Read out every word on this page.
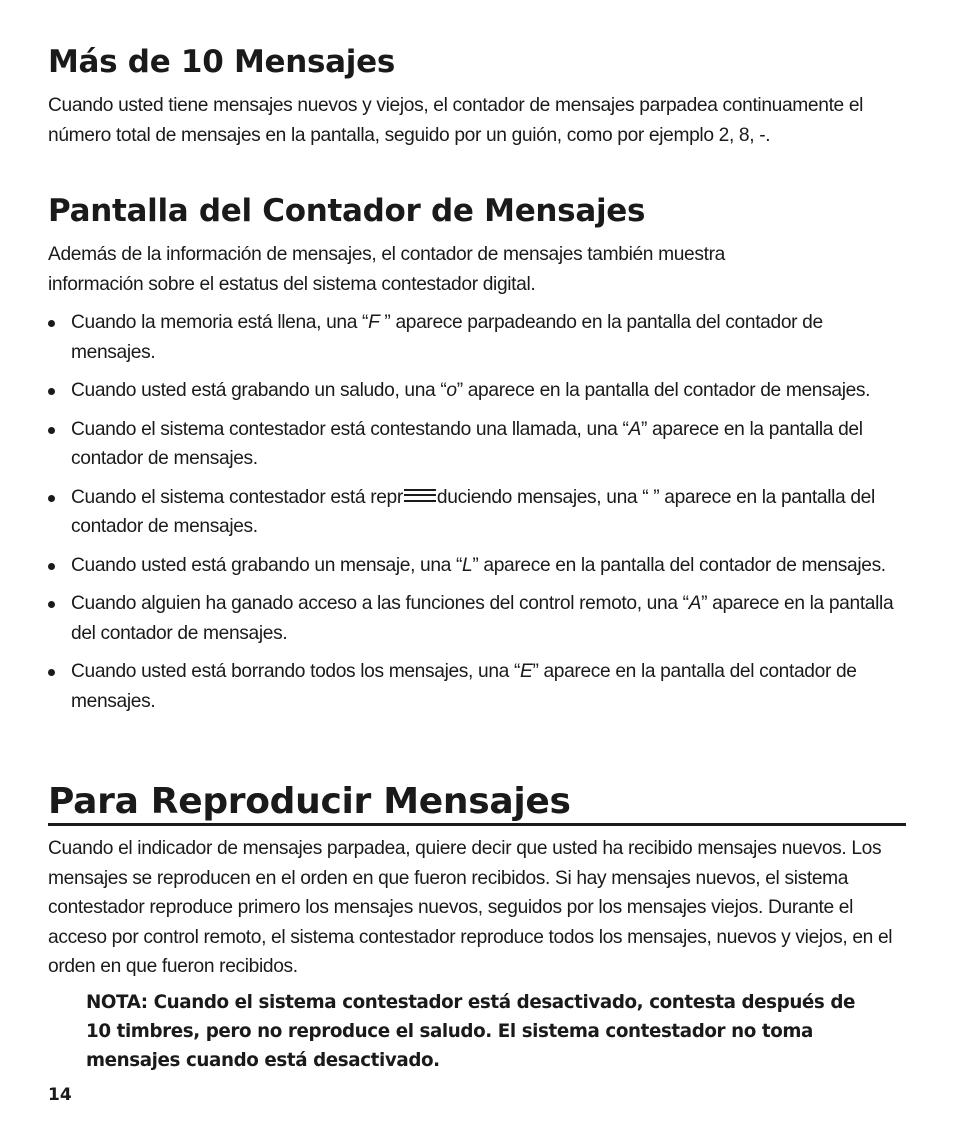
Más de 10 Mensajes

Cuando usted tiene mensajes nuevos y viejos, el contador de mensajes parpadea continuamente el número total de mensajes en la pantalla, seguido por un guión, como por ejemplo 2, 8, -.

Pantalla del Contador de Mensajes

Además de la información de mensajes, el contador de mensajes también muestra información sobre el estatus del sistema contestador digital.

Cuando la memoria está llena, una “F ” aparece parpadeando en la pantalla del contador de mensajes.
Cuando usted está grabando un saludo, una “o” aparece en la pantalla del contador de mensajes.
Cuando el sistema contestador está contestando una llamada, una “A” aparece en la pantalla del contador de mensajes.
Cuando el sistema contestador está repr duciendo mensajes, una “ ” aparece en la pantalla del contador de mensajes.
Cuando usted está grabando un mensaje, una “L” aparece en la pantalla del contador de mensajes.
Cuando alguien ha ganado acceso a las funciones del control remoto, una “A” aparece en la pantalla del contador de mensajes.
Cuando usted está borrando todos los mensajes, una “E” aparece en la pantalla del contador de mensajes.
Para Reproducir Mensajes

Cuando el indicador de mensajes parpadea, quiere decir que usted ha recibido mensajes nuevos. Los mensajes se reproducen en el orden en que fueron recibidos. Si hay mensajes nuevos, el sistema contestador reproduce primero los mensajes nuevos, seguidos por los mensajes viejos. Durante el acceso por control remoto, el sistema contestador reproduce todos los mensajes, nuevos y viejos, en el orden en que fueron recibidos.

NOTA: Cuando el sistema contestador está desactivado, contesta después de 10 timbres, pero no reproduce el saludo. El sistema contestador no toma mensajes cuando está desactivado.

14
